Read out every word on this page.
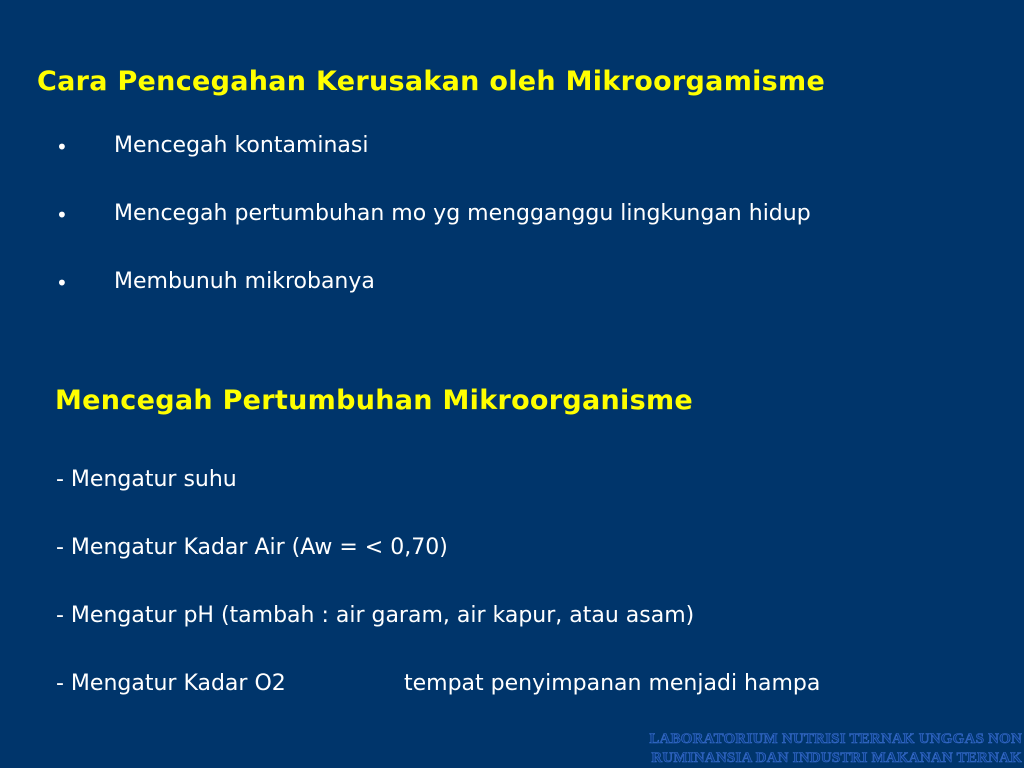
Cara Pencegahan Kerusakan oleh Mikroorgamisme
• Mencegah kontaminasi
• Mencegah pertumbuhan mo yg mengganggu lingkungan hidup
• Membunuh mikrobanya
Mencegah Pertumbuhan Mikroorganisme
- Mengatur suhu
- Mengatur Kadar Air (Aw = < 0,70)
- Mengatur pH (tambah : air garam, air kapur, atau asam)
- Mengatur Kadar O2	tempat penyimpanan menjadi hampa
LABORATORIUM NUTRISI TERNAK UNGGAS NON
RUMINANSIA DAN INDUSTRI MAKANAN TERNAK
